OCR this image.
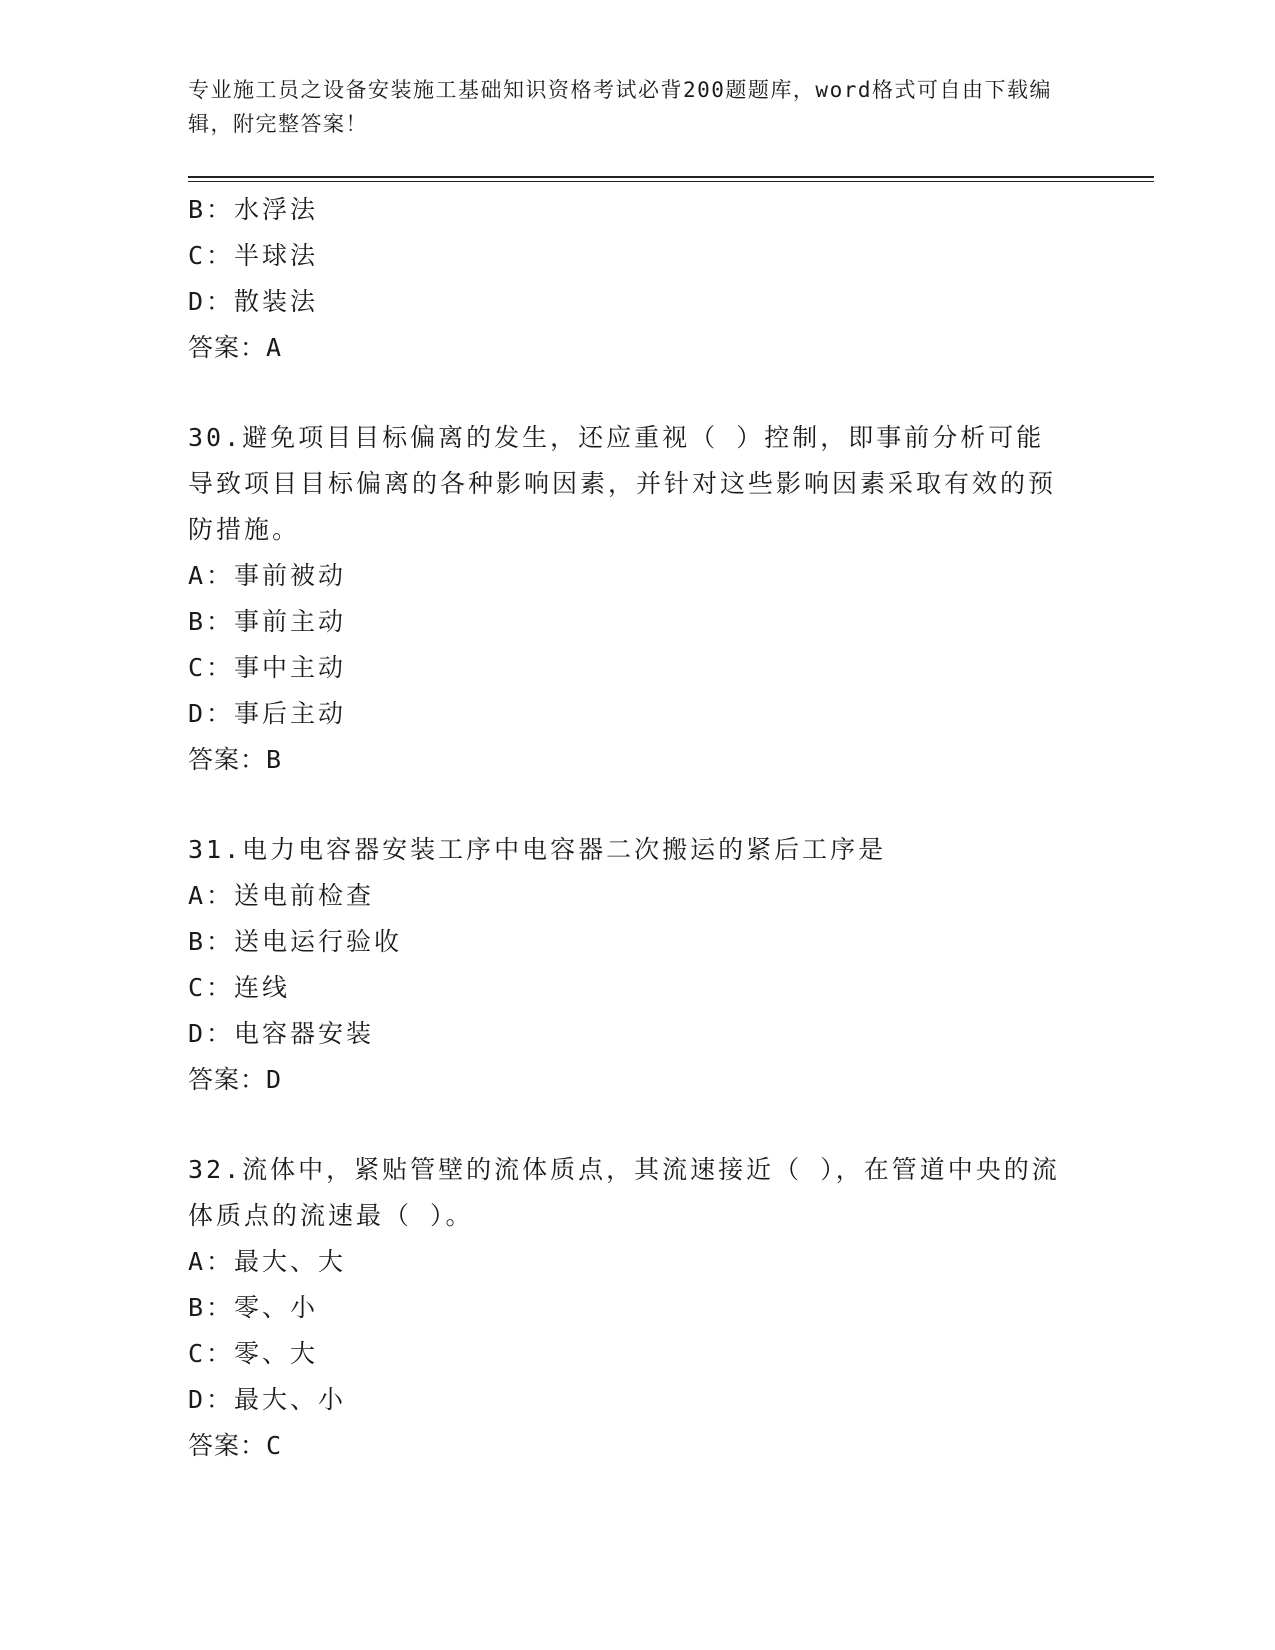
专业施工员之设备安装施工基础知识资格考试必背200题题库，word格式可自由下载编辑，附完整答案！
B：水浮法
C：半球法
D：散装法
答案：A
30.避免项目目标偏离的发生，还应重视（ ）控制，即事前分析可能导致项目目标偏离的各种影响因素，并针对这些影响因素采取有效的预防措施。
A：事前被动
B：事前主动
C：事中主动
D：事后主动
答案：B
31.电力电容器安装工序中电容器二次搬运的紧后工序是
A：送电前检查
B：送电运行验收
C：连线
D：电容器安装
答案：D
32.流体中，紧贴管壁的流体质点，其流速接近（ ），在管道中央的流体质点的流速最（ ）。
A：最大、大
B：零、小
C：零、大
D：最大、小
答案：C
